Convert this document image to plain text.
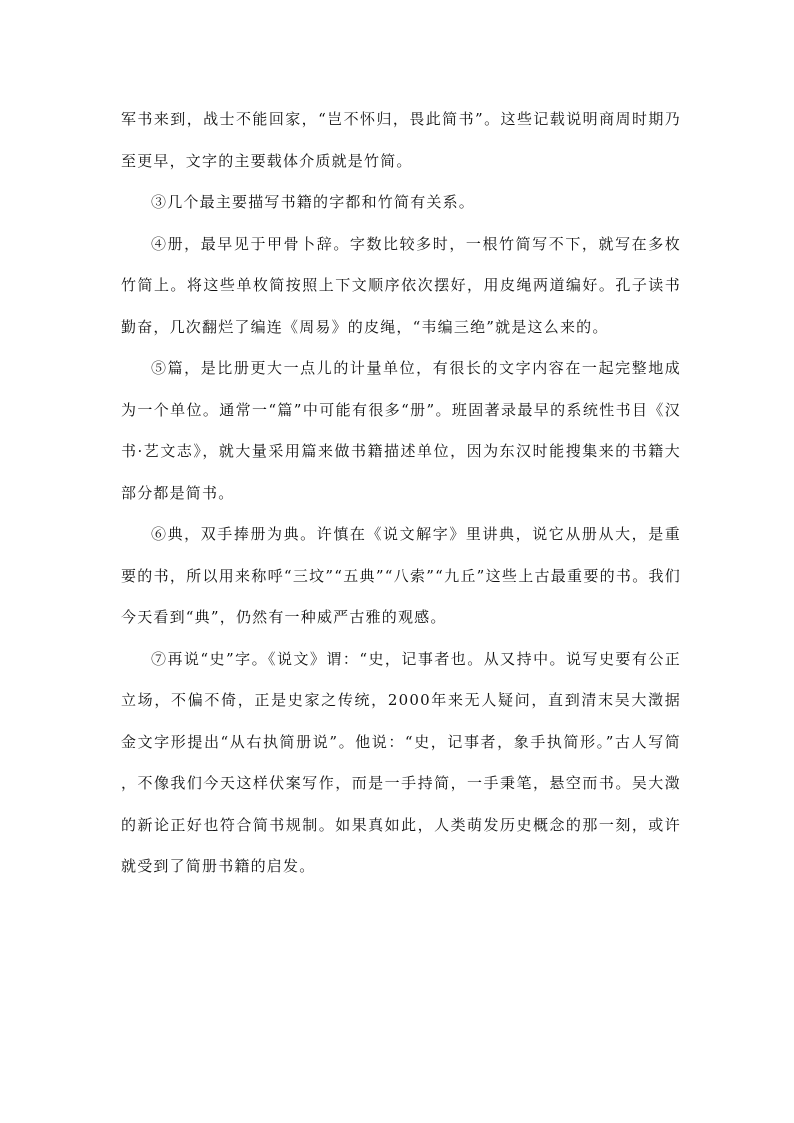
军书来到，战士不能回家，“岂不怀归，畏此简书”。这些记载说明商周时期乃至更早，文字的主要载体介质就是竹简。

③几个最主要描写书籍的字都和竹简有关系。

④册，最早见于甲骨卜辞。字数比较多时，一根竹简写不下，就写在多枚竹简上。将这些单枚简按照上下文顺序依次摆好，用皮绳两道编好。孔子读书勤奋，几次翻烂了编连《周易》的皮绳，“韦编三绝”就是这么来的。

⑤篇，是比册更大一点儿的计量单位，有很长的文字内容在一起完整地成为一个单位。通常一“篇”中可能有很多“册”。班固著录最早的系统性书目《汉书·艺文志》，就大量采用篇来做书籍描述单位，因为东汉时能搜集来的书籍大部分都是简书。

⑥典，双手捧册为典。许慎在《说文解字》里讲典，说它从册从大，是重要的书，所以用来称呼“三坟”“五典”“八索”“九丘”这些上古最重要的书。我们今天看到“典”，仍然有一种威严古雅的观感。

⑦再说“史”字。《说文》谓：“史，记事者也。从又持中。说写史要有公正立场，不偏不倚，正是史家之传统，2000年来无人疑问，直到清末吴大澂据金文字形提出“从右执简册说”。他说：“史，记事者，象手执简形。”古人写简，不像我们今天这样伏案写作，而是一手持简，一手秉笔，悬空而书。吴大澂的新论正好也符合简书规制。如果真如此，人类萌发历史概念的那一刻，或许就受到了简册书籍的启发。
